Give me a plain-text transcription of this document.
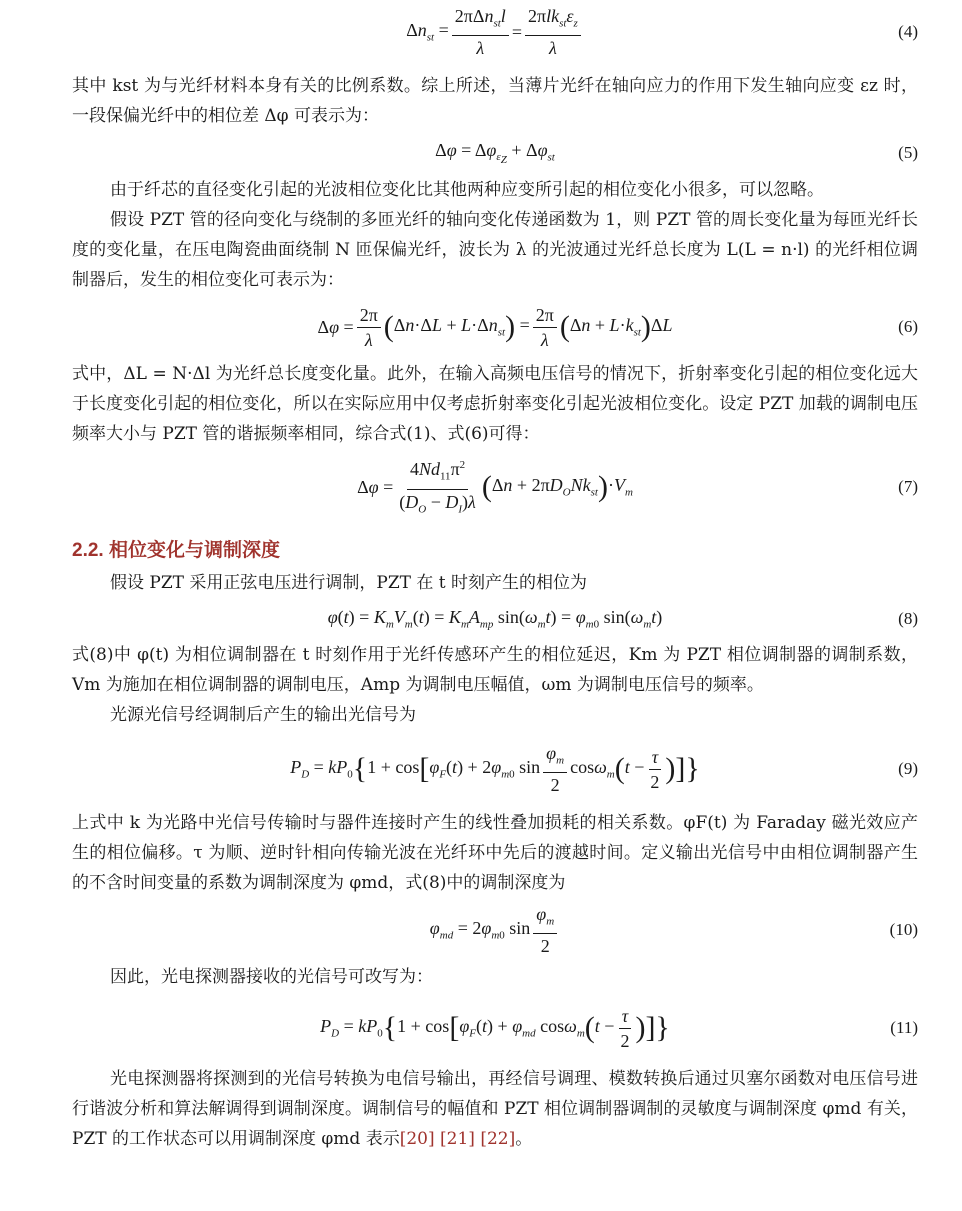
$\Delta n_{st} = \frac{2\pi\Delta n_{st}l}{\lambda} = \frac{2\pi lk_{st}\varepsilon_z}{\lambda}$	(4)

其中 kst 为与光纤材料本身有关的比例系数。综上所述，当薄片光纤在轴向应力的作用下发生轴向应变 εz 时，一段保偏光纤中的相位差 Δφ 可表示为：

$\Delta\varphi = \Delta\varphi_{\varepsilon_Z} + \Delta\varphi_{st}$	(5)

由于纤芯的直径变化引起的光波相位变化比其他两种应变所引起的相位变化小很多，可以忽略。

假设 PZT 管的径向变化与绕制的多匝光纤的轴向变化传递函数为 1，则 PZT 管的周长变化量为每匝光纤长度的变化量，在压电陶瓷曲面绕制 N 匝保偏光纤，波长为 λ 的光波通过光纤总长度为 L(L = n·l) 的光纤相位调制器后，发生的相位变化可表示为：

$\Delta\varphi = \frac{2\pi}{\lambda} (\Delta n\cdot\Delta L + L\cdot\Delta n_{st}) = \frac{2\pi}{\lambda} (\Delta n + L\cdot k_{st})\Delta L$	(6)

式中，ΔL = N·Δl 为光纤总长度变化量。此外，在输入高频电压信号的情况下，折射率变化引起的相位变化远大于长度变化引起的相位变化，所以在实际应用中仅考虑折射率变化引起光波相位变化。设定 PZT 加载的调制电压频率大小与 PZT 管的谐振频率相同，综合式(1)、式(6)可得：

$\Delta\varphi = \frac{4Nd_{11}\pi^2}{(D_O - D_I)\lambda} (\Delta n + 2\pi D_ONk_{st})\cdot V_m$	(7)
2.2. 相位变化与调制深度

假设 PZT 采用正弦电压进行调制，PZT 在 t 时刻产生的相位为

$\varphi(t) = K_mV_m(t) = K_mA_{mp}$ $\sin(\omega_mt) = \varphi_{m0}$ $\sin(\omega_mt)$	(8)

式(8)中 φ(t) 为相位调制器在 t 时刻作用于光纤传感环产生的相位延迟，Km 为 PZT 相位调制器的调制系数，Vm 为施加在相位调制器的调制电压，Amp 为调制电压幅值，ωm 为调制电压信号的频率。

光源光信号经调制后产生的输出光信号为

$P_D = kP_0\{1 + \cos[\varphi_F(t) + 2\varphi_{m0}$ $\sin \frac{\varphi_m}{2} \cos\omega_m(t - \frac{\tau}{2}$ )]}	(9)

上式中 k 为光路中光信号传输时与器件连接时产生的线性叠加损耗的相关系数。φF(t) 为 Faraday 磁光效应产生的相位偏移。τ 为顺、逆时针相向传输光波在光纤环中先后的渡越时间。定义输出光信号中由相位调制器产生的不含时间变量的系数为调制深度为 φmd，式(8)中的调制深度为

$\varphi_{md} = 2\varphi_{m0}$ $\sin \frac{\varphi_m}{2}$	(10)

因此，光电探测器接收的光信号可改写为：

$P_D = kP_0\{1 + \cos[\varphi_F(t) + \varphi_{md}$ $\cos\omega_m(t - \frac{\tau}{2}$ )]}	(11)

光电探测器将探测到的光信号转换为电信号输出，再经信号调理、模数转换后通过贝塞尔函数对电压信号进行谐波分析和算法解调得到调制深度。调制信号的幅值和 PZT 相位调制器调制的灵敏度与调制深度 φmd 有关，PZT 的工作状态可以用调制深度 φmd 表示[20] [21] [22]。
